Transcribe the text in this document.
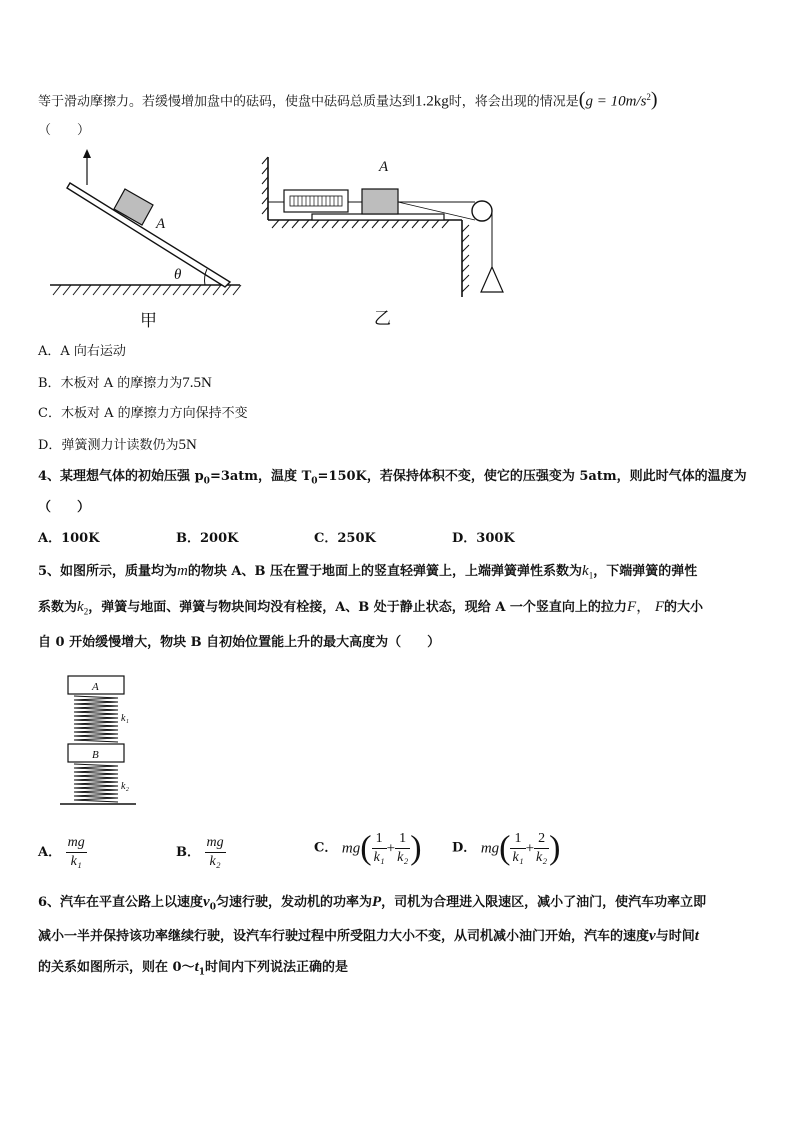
等于滑动摩擦力。若缓慢增加盘中的砝码，使盘中砝码总质量达到1.2kg时，将会出现的情况是$(g = 10m/s^2)$
（　　）
A
θ
甲
A
乙
A．A 向右运动
B．木板对 A 的摩擦力为7.5N
C．木板对 A 的摩擦力方向保持不变
D．弹簧测力计读数仍为5N
4、某理想气体的初始压强 $p_0=3atm$，温度 $T_0=150K$，若保持体积不变，使它的压强变为 5atm，则此时气体的温度为
（　　）
A．100K	B．200K	C．250K	D．300K
5、如图所示，质量均为m的物块 A、B 压在置于地面上的竖直轻弹簧上，上端弹簧弹性系数为$k_1$，下端弹簧的弹性
系数为$k_2$，弹簧与地面、弹簧与物块间均没有栓接，A、B 处于静止状态，现给 A 一个竖直向上的拉力F， F的大小
自 0 开始缓慢增大，物块 B 自初始位置能上升的最大高度为（　　）
A
B
k₁
k₂
A． $\frac{mg}{\text{k₁}}$	B． $\frac{mg}{\text{k₂}}$	C． $mg( \frac{1}{\text{k₁}} + \frac{1}{\text{k₂}}$ ) D． $mg( \frac{1}{\text{k₁}} + \frac{2}{\text{k₂}}$ )
6、汽车在平直公路上以速度$v_0$匀速行驶，发动机的功率为P，司机为合理进入限速区，减小了油门，使汽车功率立即
减小一半并保持该功率继续行驶，设汽车行驶过程中所受阻力大小不变，从司机减小油门开始，汽车的速度v与时间t
的关系如图所示，则在 $0\sim t_1$时间内下列说法正确的是
